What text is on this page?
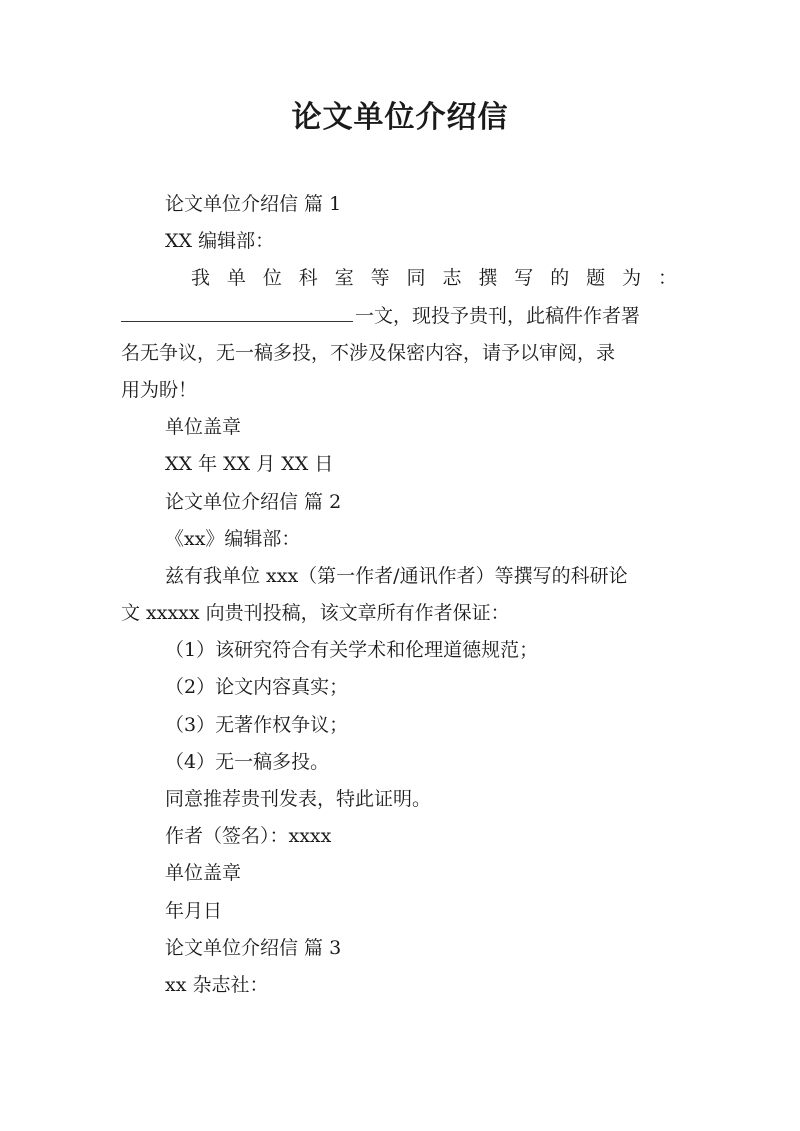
论文单位介绍信
论文单位介绍信 篇 1
XX 编辑部：
我 单 位 科 室 等 同 志 撰 写 的 题 为 ：
一文，现投予贵刊，此稿件作者署
名无争议，无一稿多投，不涉及保密内容，请予以审阅，录
用为盼！
单位盖章
XX 年 XX 月 XX 日
论文单位介绍信 篇 2
《xx》编辑部：
兹有我单位 xxx（第一作者/通讯作者）等撰写的科研论
文 xxxxx 向贵刊投稿，该文章所有作者保证：
（1）该研究符合有关学术和伦理道德规范；
（2）论文内容真实；
（3）无著作权争议；
（4）无一稿多投。
同意推荐贵刊发表，特此证明。
作者（签名）：xxxx
单位盖章
年月日
论文单位介绍信 篇 3
xx 杂志社：
